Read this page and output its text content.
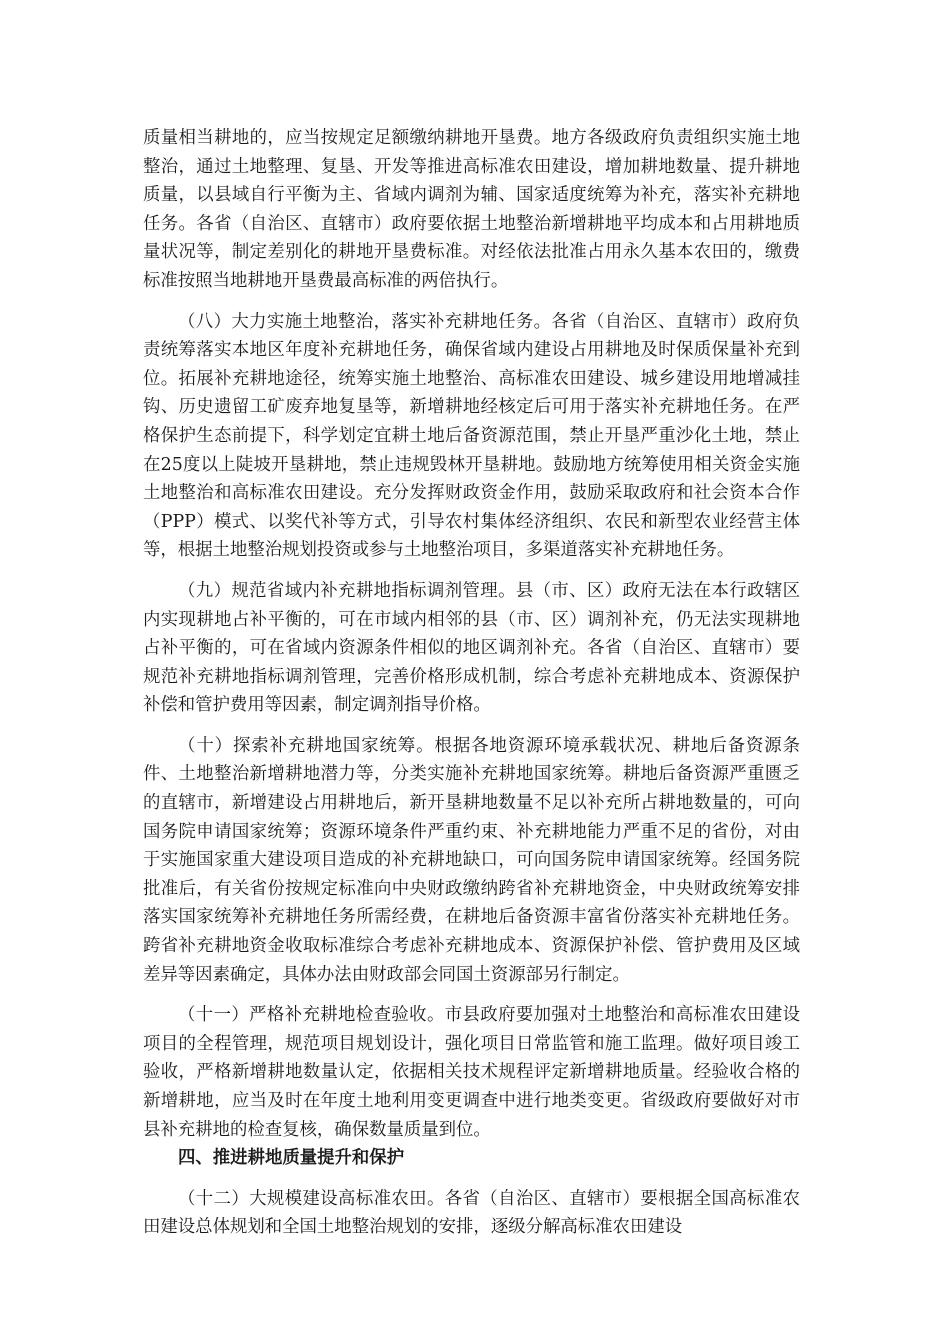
质量相当耕地的，应当按规定足额缴纳耕地开垦费。地方各级政府负责组织实施土地整治，通过土地整理、复垦、开发等推进高标准农田建设，增加耕地数量、提升耕地质量，以县域自行平衡为主、省域内调剂为辅、国家适度统筹为补充，落实补充耕地任务。各省（自治区、直辖市）政府要依据土地整治新增耕地平均成本和占用耕地质量状况等，制定差别化的耕地开垦费标准。对经依法批准占用永久基本农田的，缴费标准按照当地耕地开垦费最高标准的两倍执行。

（八）大力实施土地整治，落实补充耕地任务。各省（自治区、直辖市）政府负责统筹落实本地区年度补充耕地任务，确保省域内建设占用耕地及时保质保量补充到位。拓展补充耕地途径，统筹实施土地整治、高标准农田建设、城乡建设用地增减挂钩、历史遗留工矿废弃地复垦等，新增耕地经核定后可用于落实补充耕地任务。在严格保护生态前提下，科学划定宜耕土地后备资源范围，禁止开垦严重沙化土地，禁止在25度以上陡坡开垦耕地，禁止违规毁林开垦耕地。鼓励地方统筹使用相关资金实施土地整治和高标准农田建设。充分发挥财政资金作用，鼓励采取政府和社会资本合作（PPP）模式、以奖代补等方式，引导农村集体经济组织、农民和新型农业经营主体等，根据土地整治规划投资或参与土地整治项目，多渠道落实补充耕地任务。

（九）规范省域内补充耕地指标调剂管理。县（市、区）政府无法在本行政辖区内实现耕地占补平衡的，可在市域内相邻的县（市、区）调剂补充，仍无法实现耕地占补平衡的，可在省域内资源条件相似的地区调剂补充。各省（自治区、直辖市）要规范补充耕地指标调剂管理，完善价格形成机制，综合考虑补充耕地成本、资源保护补偿和管护费用等因素，制定调剂指导价格。

（十）探索补充耕地国家统筹。根据各地资源环境承载状况、耕地后备资源条件、土地整治新增耕地潜力等，分类实施补充耕地国家统筹。耕地后备资源严重匮乏的直辖市，新增建设占用耕地后，新开垦耕地数量不足以补充所占耕地数量的，可向国务院申请国家统筹；资源环境条件严重约束、补充耕地能力严重不足的省份，对由于实施国家重大建设项目造成的补充耕地缺口，可向国务院申请国家统筹。经国务院批准后，有关省份按规定标准向中央财政缴纳跨省补充耕地资金，中央财政统筹安排落实国家统筹补充耕地任务所需经费，在耕地后备资源丰富省份落实补充耕地任务。跨省补充耕地资金收取标准综合考虑补充耕地成本、资源保护补偿、管护费用及区域差异等因素确定，具体办法由财政部会同国土资源部另行制定。

（十一）严格补充耕地检查验收。市县政府要加强对土地整治和高标准农田建设项目的全程管理，规范项目规划设计，强化项目日常监管和施工监理。做好项目竣工验收，严格新增耕地数量认定，依据相关技术规程评定新增耕地质量。经验收合格的新增耕地，应当及时在年度土地利用变更调查中进行地类变更。省级政府要做好对市县补充耕地的检查复核，确保数量质量到位。

四、推进耕地质量提升和保护

（十二）大规模建设高标准农田。各省（自治区、直辖市）要根据全国高标准农田建设总体规划和全国土地整治规划的安排，逐级分解高标准农田建设
